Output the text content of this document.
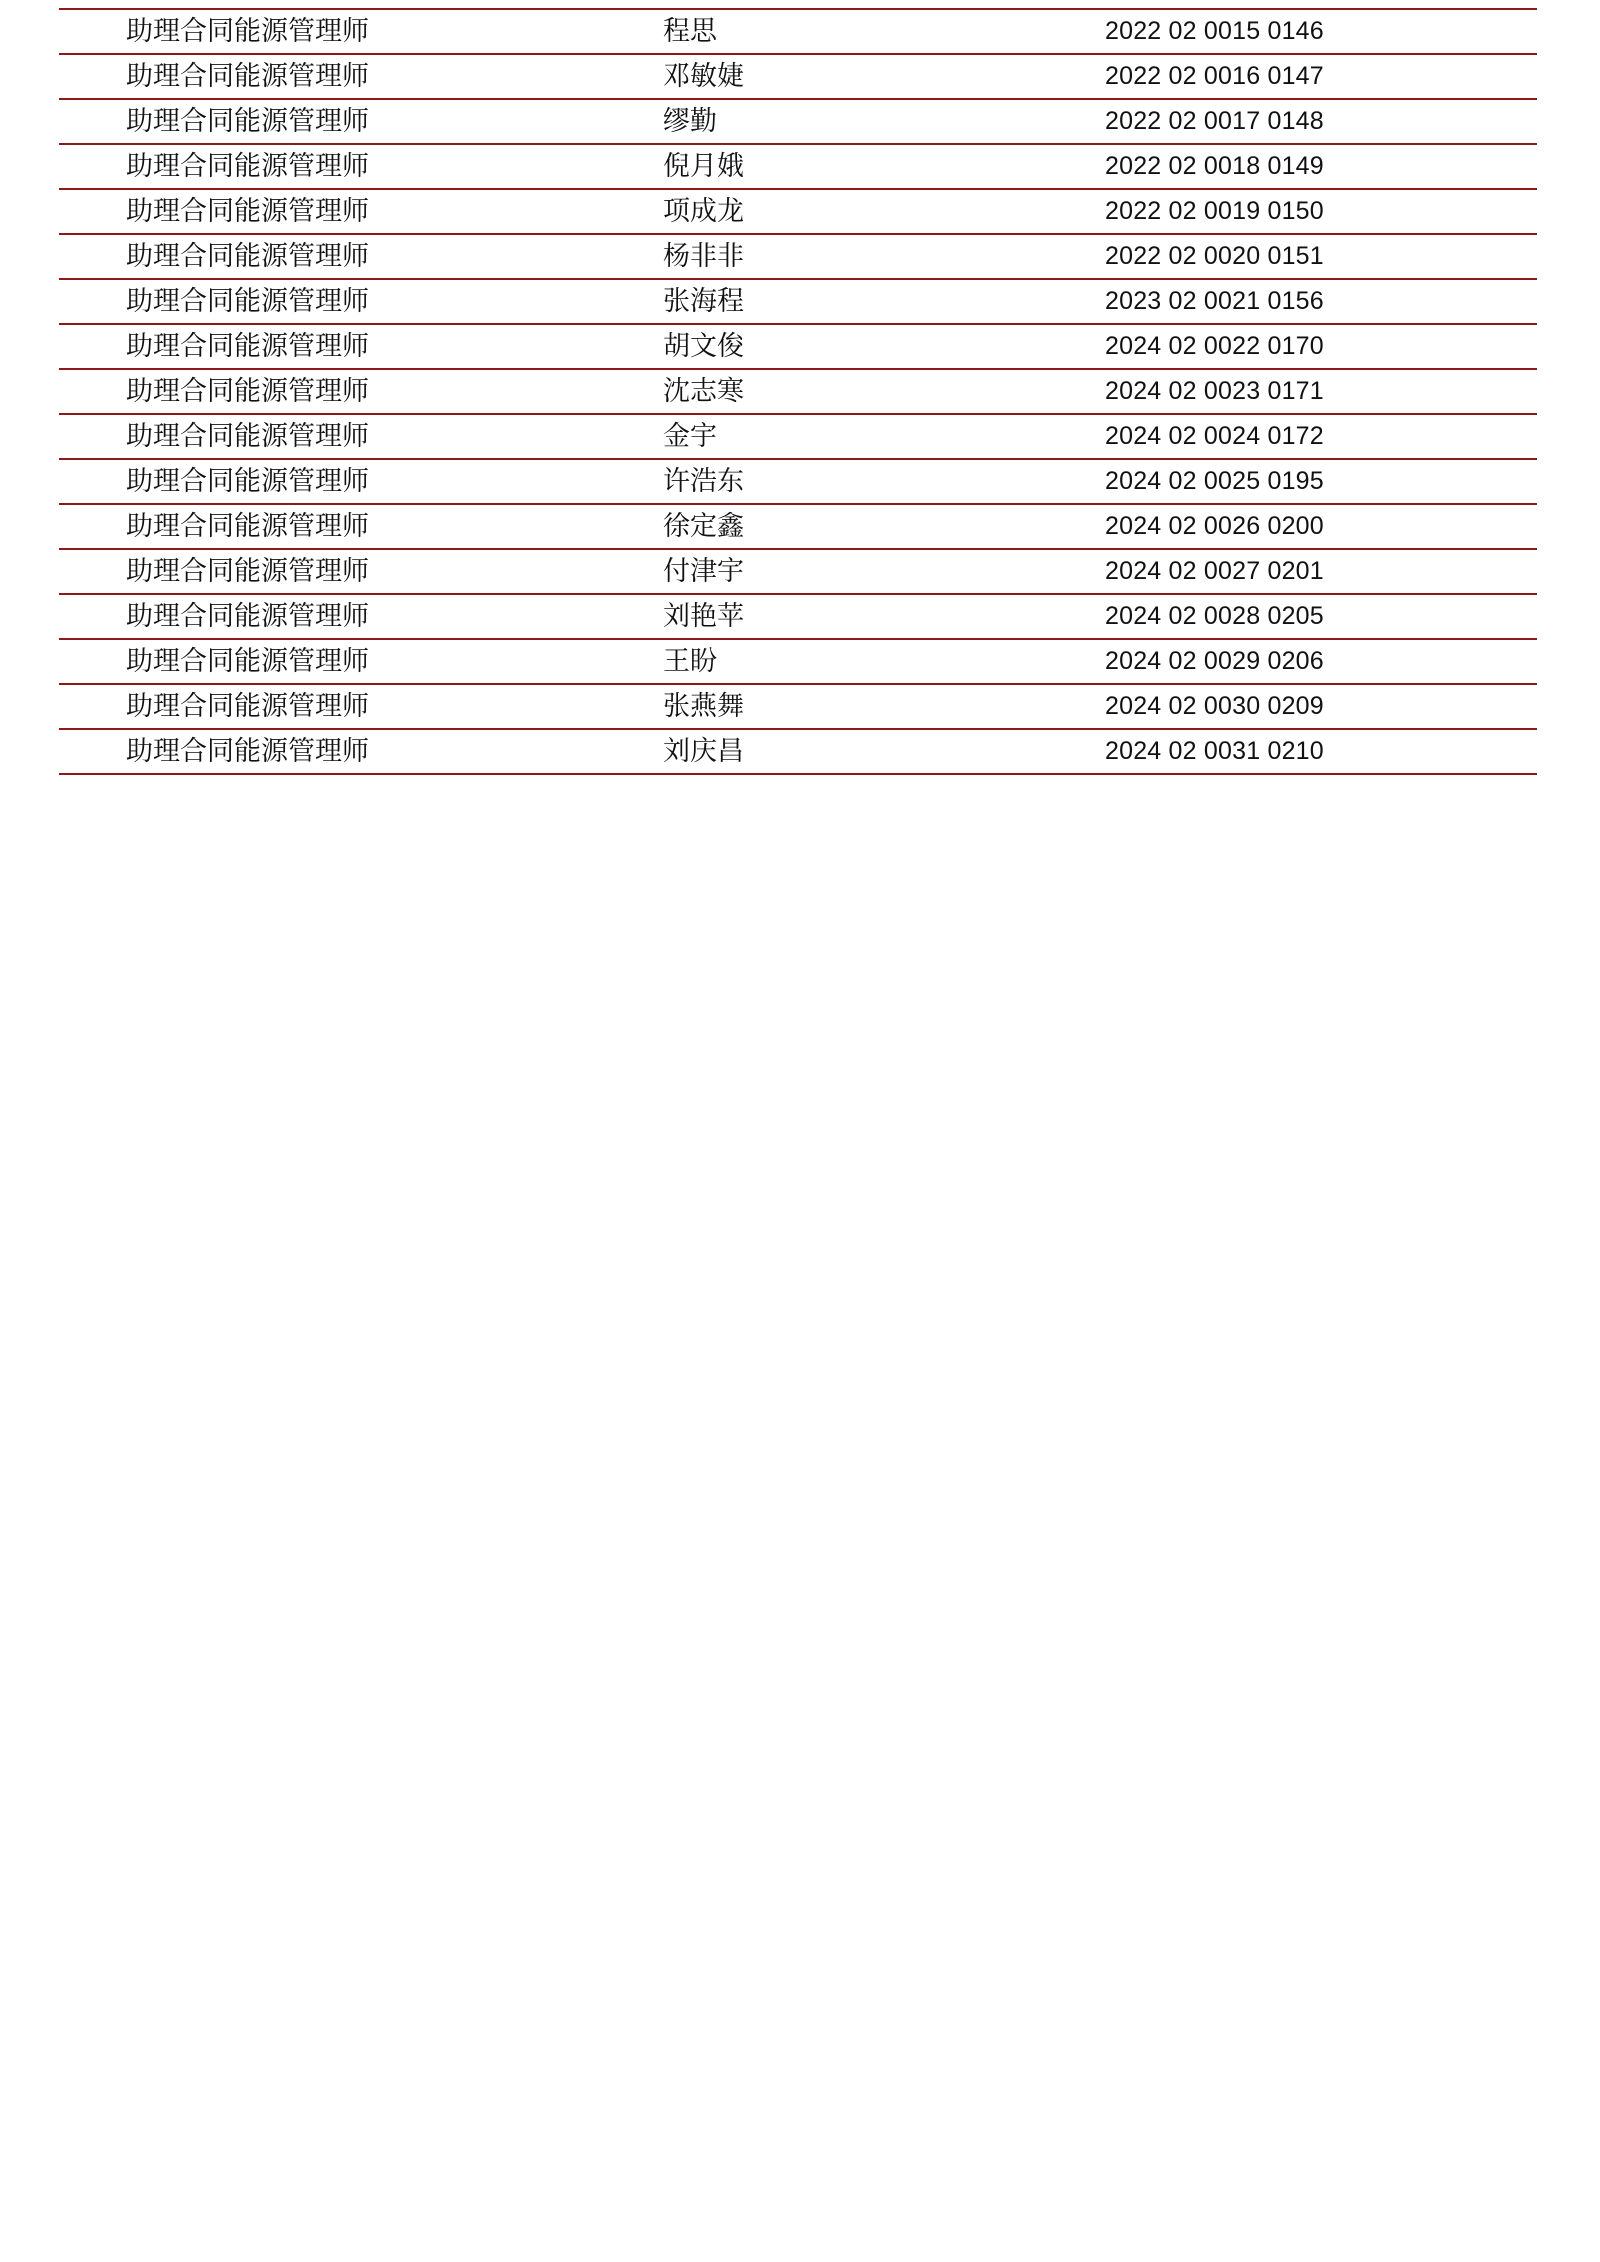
助理合同能源管理师	程思	2022 02 0015 0146
助理合同能源管理师	邓敏婕	2022 02 0016 0147
助理合同能源管理师	缪勤	2022 02 0017 0148
助理合同能源管理师	倪月娥	2022 02 0018 0149
助理合同能源管理师	项成龙	2022 02 0019 0150
助理合同能源管理师	杨非非	2022 02 0020 0151
助理合同能源管理师	张海程	2023 02 0021 0156
助理合同能源管理师	胡文俊	2024 02 0022 0170
助理合同能源管理师	沈志寒	2024 02 0023 0171
助理合同能源管理师	金宇	2024 02 0024 0172
助理合同能源管理师	许浩东	2024 02 0025 0195
助理合同能源管理师	徐定鑫	2024 02 0026 0200
助理合同能源管理师	付津宇	2024 02 0027 0201
助理合同能源管理师	刘艳苹	2024 02 0028 0205
助理合同能源管理师	王盼	2024 02 0029 0206
助理合同能源管理师	张燕舞	2024 02 0030 0209
助理合同能源管理师	刘庆昌	2024 02 0031 0210
